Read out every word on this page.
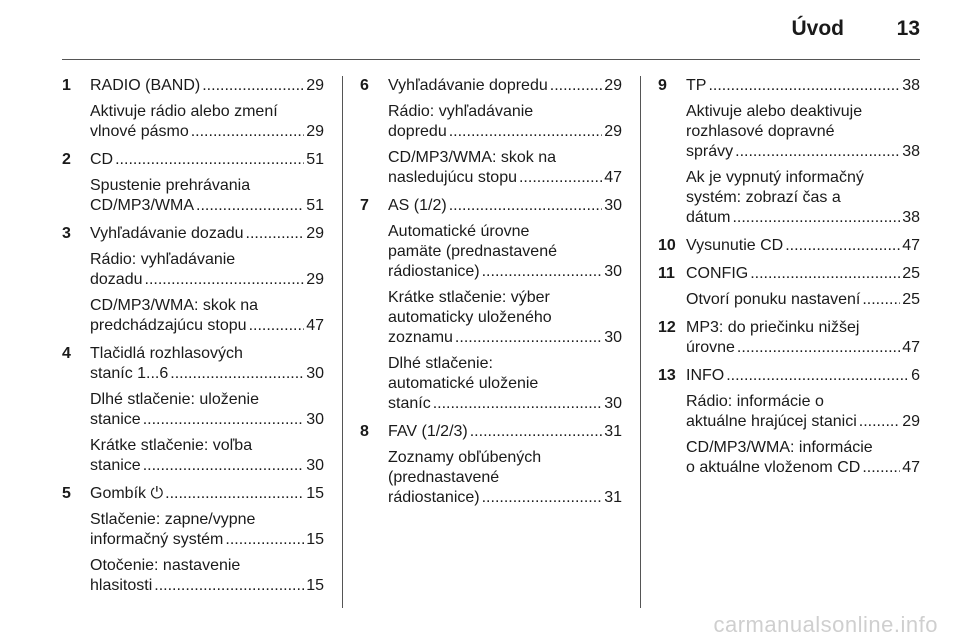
Úvod	13
1 RADIO (BAND) .....	29
Aktivuje rádio alebo zmení
vlnové pásmo .....	29
2 CD .....	51
Spustenie prehrávania
CD/MP3/WMA .....	51
3 Vyhľadávanie dozadu .....	29
Rádio: vyhľadávanie
dozadu .....	29
CD/MP3/WMA: skok na
predchádzajúcu stopu .....	47
4 Tlačidlá rozhlasových
staníc 1...6 .....	30
Dlhé stlačenie: uloženie
stanice .....	30
Krátke stlačenie: voľba
stanice .....	30
5 Gombík ⏻ .....	15
Stlačenie: zapne/vypne
informačný systém .....	15
Otočenie: nastavenie
hlasitosti .....	15
6 Vyhľadávanie dopredu .....	29
Rádio: vyhľadávanie
dopredu .....	29
CD/MP3/WMA: skok na
nasledujúcu stopu .....	47
7 AS (1/2) .....	30
Automatické úrovne
pamäte (prednastavené
rádiostanice) .....	30
Krátke stlačenie: výber
automaticky uloženého
zoznamu .....	30
Dlhé stlačenie:
automatické uloženie
staníc .....	30
8 FAV (1/2/3) .....	31
Zoznamy obľúbených
(prednastavené
rádiostanice) .....	31
9 TP .....	38
Aktivuje alebo deaktivuje
rozhlasové dopravné
správy .....	38
Ak je vypnutý informačný
systém: zobrazí čas a
dátum .....	38
10 Vysunutie CD .....	47
11 CONFIG .....	25
Otvorí ponuku nastavení .....	25
12 MP3: do priečinku nižšej
úrovne .....	47
13 INFO .....	6
Rádio: informácie o
aktuálne hrajúcej stanici .....	29
CD/MP3/WMA: informácie
o aktuálne vloženom CD .....	47
carmanualsonline.info
